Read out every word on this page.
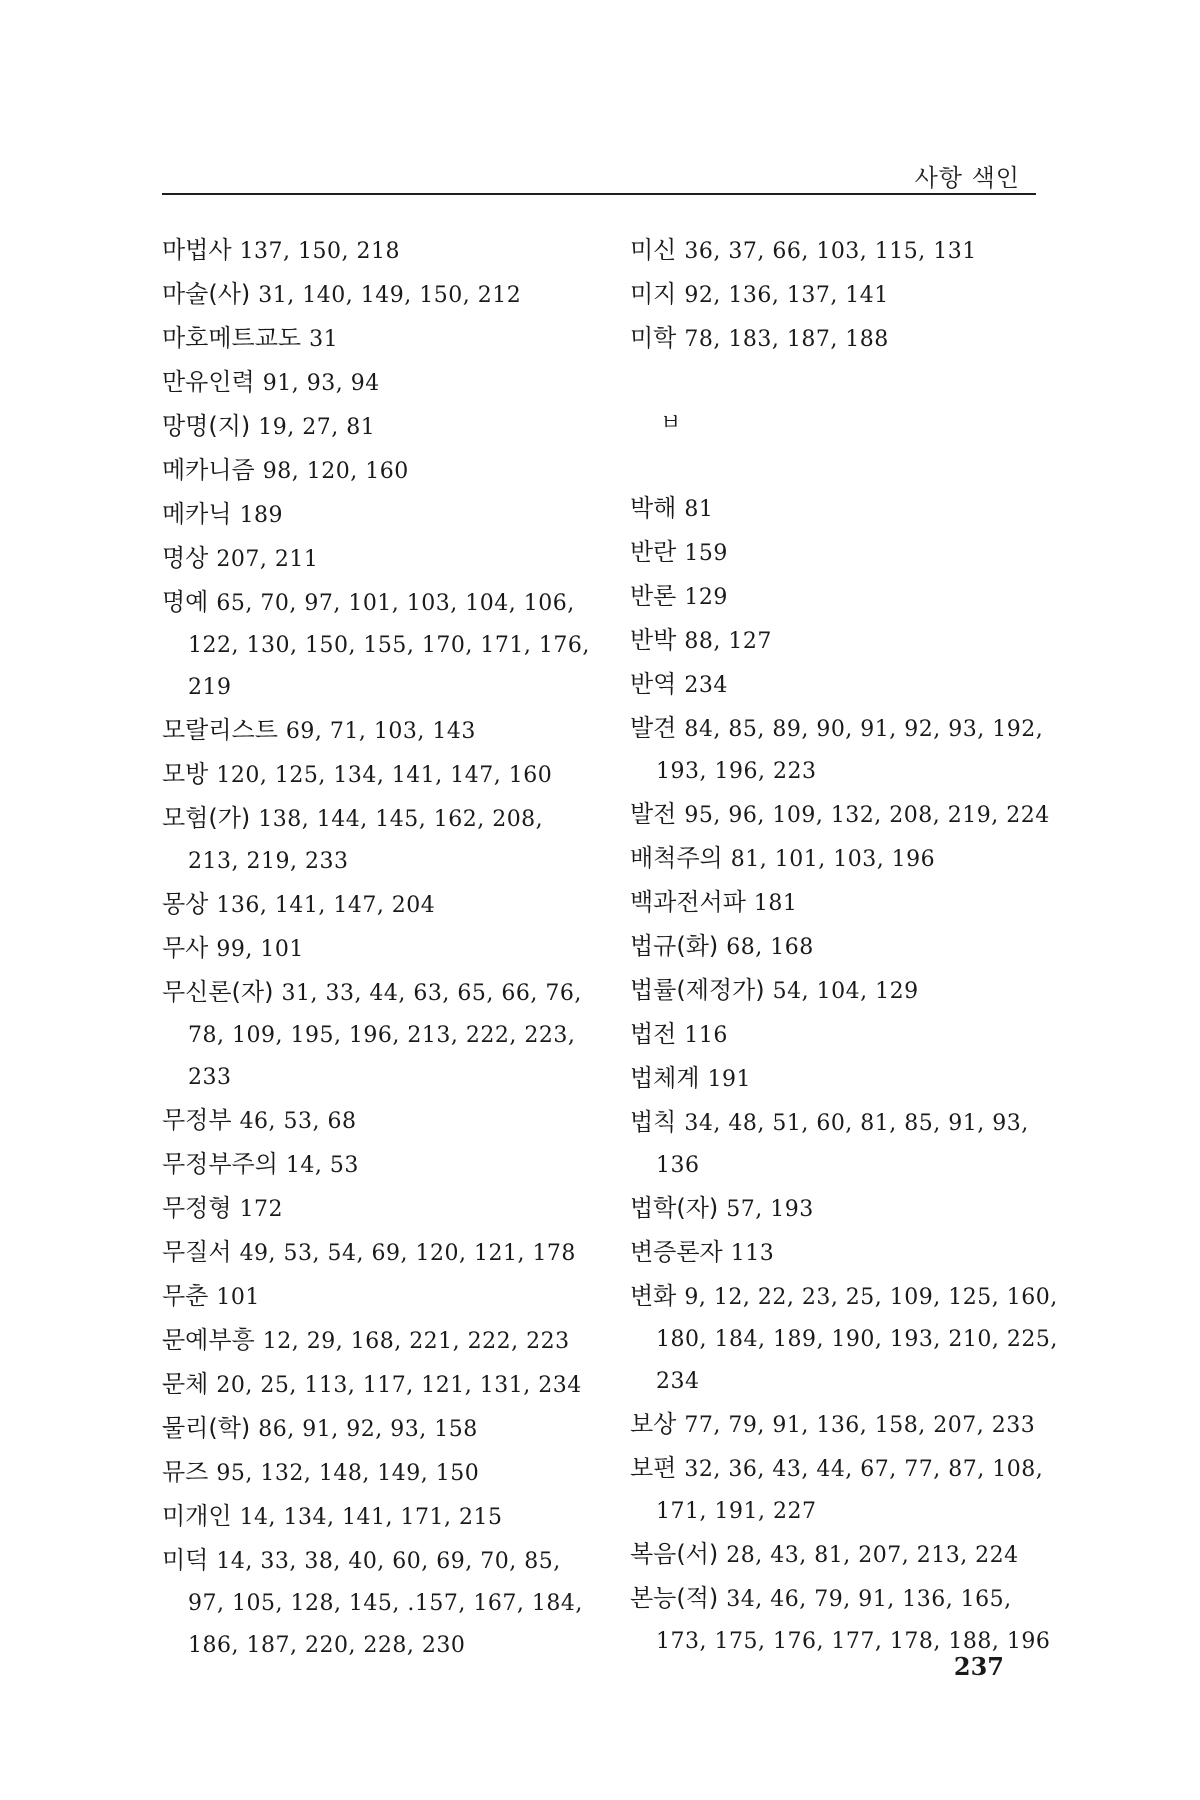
사항 색인
마법사 137, 150, 218
마술(사) 31, 140, 149, 150, 212
마호메트교도 31
만유인력 91, 93, 94
망명(지) 19, 27, 81
메카니즘 98, 120, 160
메카닉 189
명상 207, 211
명예 65, 70, 97, 101, 103, 104, 106, 122, 130, 150, 155, 170, 171, 176, 219
모랄리스트 69, 71, 103, 143
모방 120, 125, 134, 141, 147, 160
모험(가) 138, 144, 145, 162, 208, 213, 219, 233
몽상 136, 141, 147, 204
무사 99, 101
무신론(자) 31, 33, 44, 63, 65, 66, 76, 78, 109, 195, 196, 213, 222, 223, 233
무정부 46, 53, 68
무정부주의 14, 53
무정형 172
무질서 49, 53, 54, 69, 120, 121, 178
무춘 101
문예부흥 12, 29, 168, 221, 222, 223
문체 20, 25, 113, 117, 121, 131, 234
물리(학) 86, 91, 92, 93, 158
뮤즈 95, 132, 148, 149, 150
미개인 14, 134, 141, 171, 215
미덕 14, 33, 38, 40, 60, 69, 70, 85, 97, 105, 128, 145, .157, 167, 184, 186, 187, 220, 228, 230
미신 36, 37, 66, 103, 115, 131
미지 92, 136, 137, 141
미학 78, 183, 187, 188
ㅂ
박해 81
반란 159
반론 129
반박 88, 127
반역 234
발견 84, 85, 89, 90, 91, 92, 93, 192, 193, 196, 223
발전 95, 96, 109, 132, 208, 219, 224
배척주의 81, 101, 103, 196
백과전서파 181
법규(화) 68, 168
법률(제정가) 54, 104, 129
법전 116
법체계 191
법칙 34, 48, 51, 60, 81, 85, 91, 93, 136
법학(자) 57, 193
변증론자 113
변화 9, 12, 22, 23, 25, 109, 125, 160, 180, 184, 189, 190, 193, 210, 225, 234
보상 77, 79, 91, 136, 158, 207, 233
보편 32, 36, 43, 44, 67, 77, 87, 108, 171, 191, 227
복음(서) 28, 43, 81, 207, 213, 224
본능(적) 34, 46, 79, 91, 136, 165, 173, 175, 176, 177, 178, 188, 196
237
